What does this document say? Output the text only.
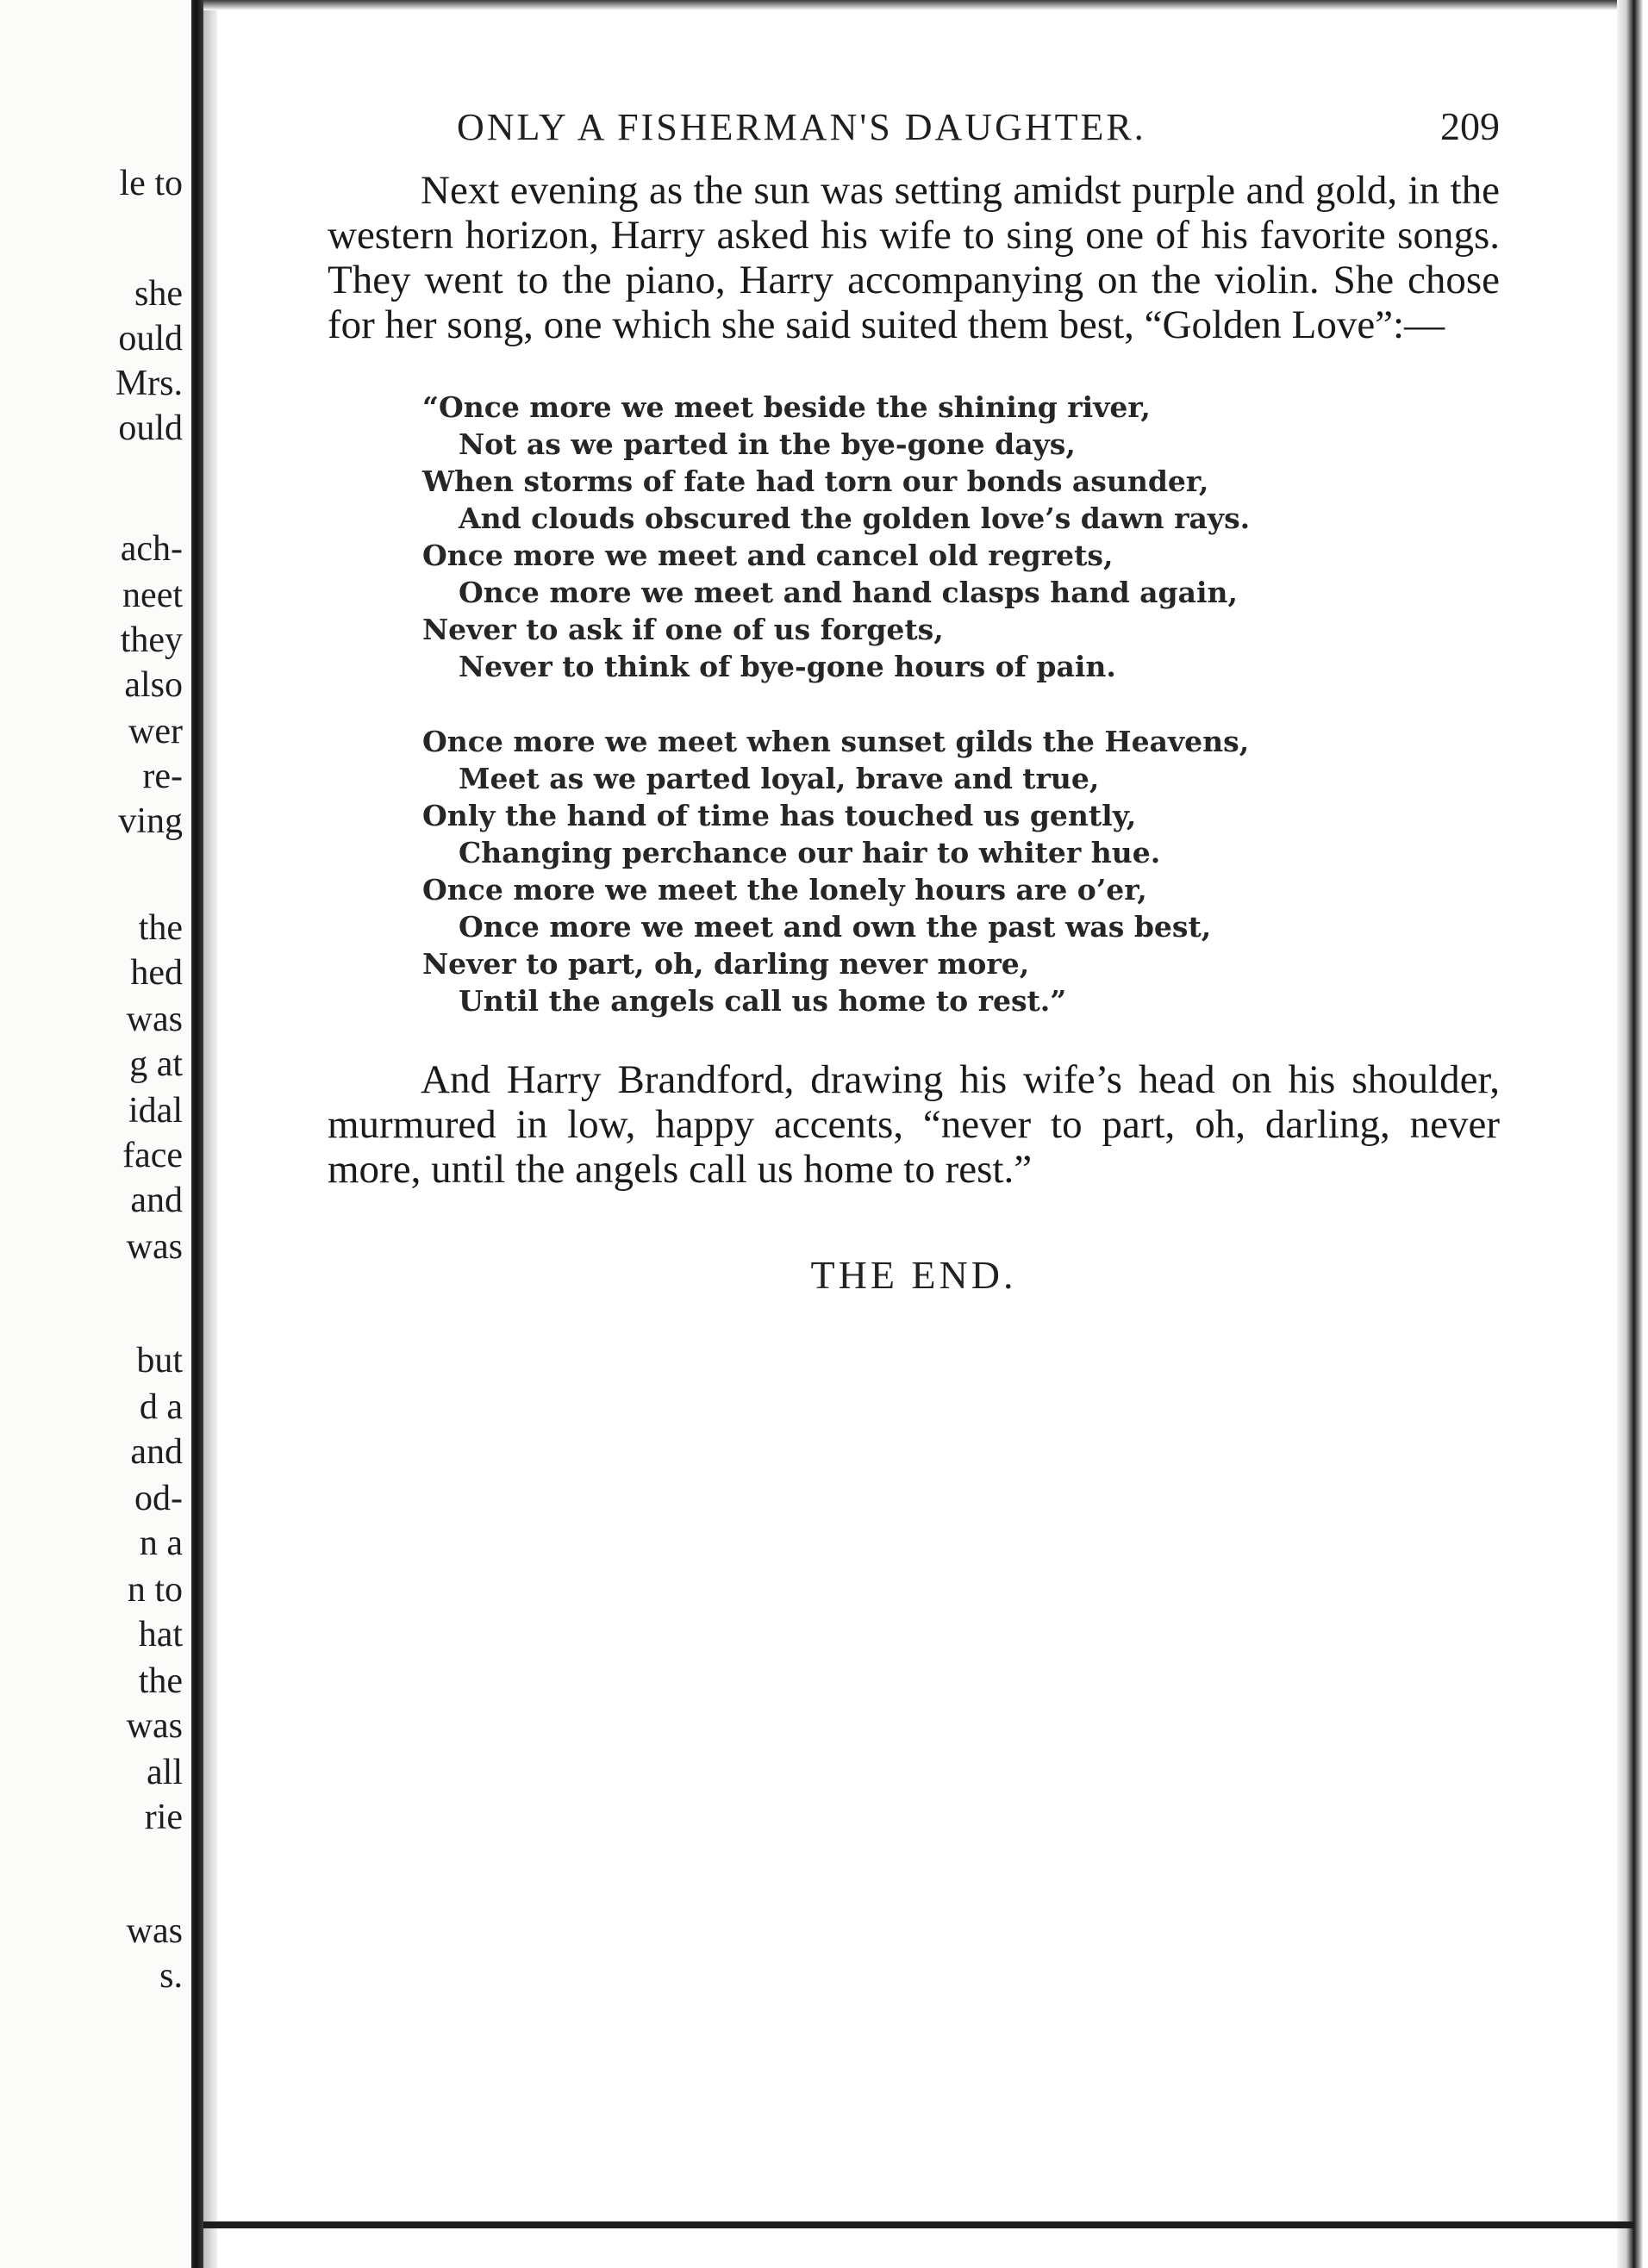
le to
she
ould
Mrs.
ould
ach-
neet
they
also
wer
re-
ving
the
hed
was
g at
idal
face
and
was
but
d a
and
od-
n a
n to
hat
the
was
all
rie
was
s.
ONLY A FISHERMAN'S DAUGHTER.	209

Next evening as the sun was setting amidst purple and gold, in the western horizon, Harry asked his wife to sing one of his favorite songs. They went to the piano, Harry accompanying on the violin. She chose for her song, one which she said suited them best, “Golden Love”:—

“Once more we meet beside the shining river,
Not as we parted in the bye-gone days,
When storms of fate had torn our bonds asunder,
And clouds obscured the golden love’s dawn rays.
Once more we meet and cancel old regrets,
Once more we meet and hand clasps hand again,
Never to ask if one of us forgets,
Never to think of bye-gone hours of pain.
Once more we meet when sunset gilds the Heavens,
Meet as we parted loyal, brave and true,
Only the hand of time has touched us gently,
Changing perchance our hair to whiter hue.
Once more we meet the lonely hours are o’er,
Once more we meet and own the past was best,
Never to part, oh, darling never more,
Until the angels call us home to rest.”

And Harry Brandford, drawing his wife’s head on his shoulder, murmured in low, happy accents, “never to part, oh, darling, never more, until the angels call us home to rest.”

THE END.
